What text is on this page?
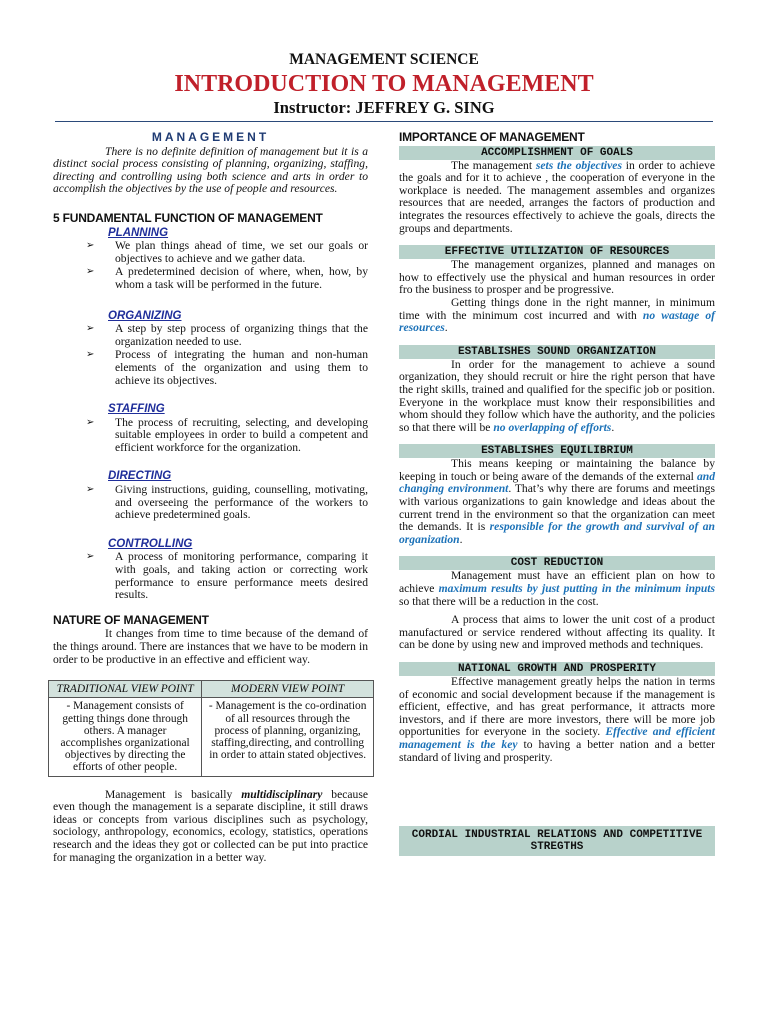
MANAGEMENT SCIENCE
INTRODUCTION TO MANAGEMENT
Instructor: JEFFREY G. SING
MANAGEMENT

There is no definite definition of management but it is a distinct social process consisting of planning, organizing, staffing, directing and controlling using both science and arts in order to accomplish the objectives by the use of people and resources.

5 FUNDAMENTAL FUNCTION OF MANAGEMENT
PLANNING
➢ We plan things ahead of time, we set our goals or objectives to achieve and we gather data.
➢ A predetermined decision of where, when, how, by whom a task will be performed in the future.
ORGANIZING
➢ A step by step process of organizing things that the organization needed to use.
➢ Process of integrating the human and non-human elements of the organization and using them to achieve its objectives.
STAFFING
➢ The process of recruiting, selecting, and developing suitable employees in order to build a competent and efficient workforce for the organization.
DIRECTING
➢ Giving instructions, guiding, counselling, motivating, and overseeing the performance of the workers to achieve predetermined goals.
CONTROLLING
➢ A process of monitoring performance, comparing it with goals, and taking action or correcting work performance to ensure performance meets desired results.
NATURE OF MANAGEMENT

It changes from time to time because of the demand of the things around. There are instances that we have to be modern in order to be productive in an effective and efficient way.

TRADITIONAL VIEW POINT	MODERN VIEW POINT
- Management consists of getting things done through others. A manager accomplishes organizational objectives by directing the efforts of other people.	- Management is the co-ordination of all resources through the process of planning, organizing, staffing,directing, and controlling in order to attain stated objectives.

Management is basically multidisciplinary because even though the management is a separate discipline, it still draws ideas or concepts from various disciplines such as psychology, sociology, anthropology, economics, ecology, statistics, operations research and the ideas they got or collected can be put into practice for managing the organization in a better way.

IMPORTANCE OF MANAGEMENT
ACCOMPLISHMENT OF GOALS

The management sets the objectives in order to achieve the goals and for it to achieve , the cooperation of everyone in the workplace is needed. The management assembles and organizes resources that are needed, arranges the factors of production and integrates the resources effectively to achieve the goals, directs the groups and departments.

EFFECTIVE UTILIZATION OF RESOURCES

The management organizes, planned and manages on how to effectively use the physical and human resources in order fro the business to prosper and be progressive.

Getting things done in the right manner, in minimum time with the minimum cost incurred and with no wastage of resources.

ESTABLISHES SOUND ORGANIZATION

In order for the management to achieve a sound organization, they should recruit or hire the right person that have the right skills, trained and qualified for the specific job or position. Everyone in the workplace must know their responsibilities and whom should they follow which have the authority, and the policies so that there will be no overlapping of efforts.

ESTABLISHES EQUILIBRIUM

This means keeping or maintaining the balance by keeping in touch or being aware of the demands of the external and changing environment. That’s why there are forums and meetings with various organizations to gain knowledge and ideas about the current trend in the environment so that the organization can meet the demands. It is responsible for the growth and survival of an organization.

COST REDUCTION

Management must have an efficient plan on how to achieve maximum results by just putting in the minimum inputs so that there will be a reduction in the cost.

A process that aims to lower the unit cost of a product manufactured or service rendered without affecting its quality. It can be done by using new and improved methods and techniques.

NATIONAL GROWTH AND PROSPERITY

Effective management greatly helps the nation in terms of economic and social development because if the management is efficient, effective, and has great performance, it attracts more investors, and if there are more investors, there will be more job opportunities for everyone in the society. Effective and efficient management is the key to having a better nation and a better standard of living and prosperity.

CORDIAL INDUSTRIAL RELATIONS AND COMPETITIVE STREGTHS
